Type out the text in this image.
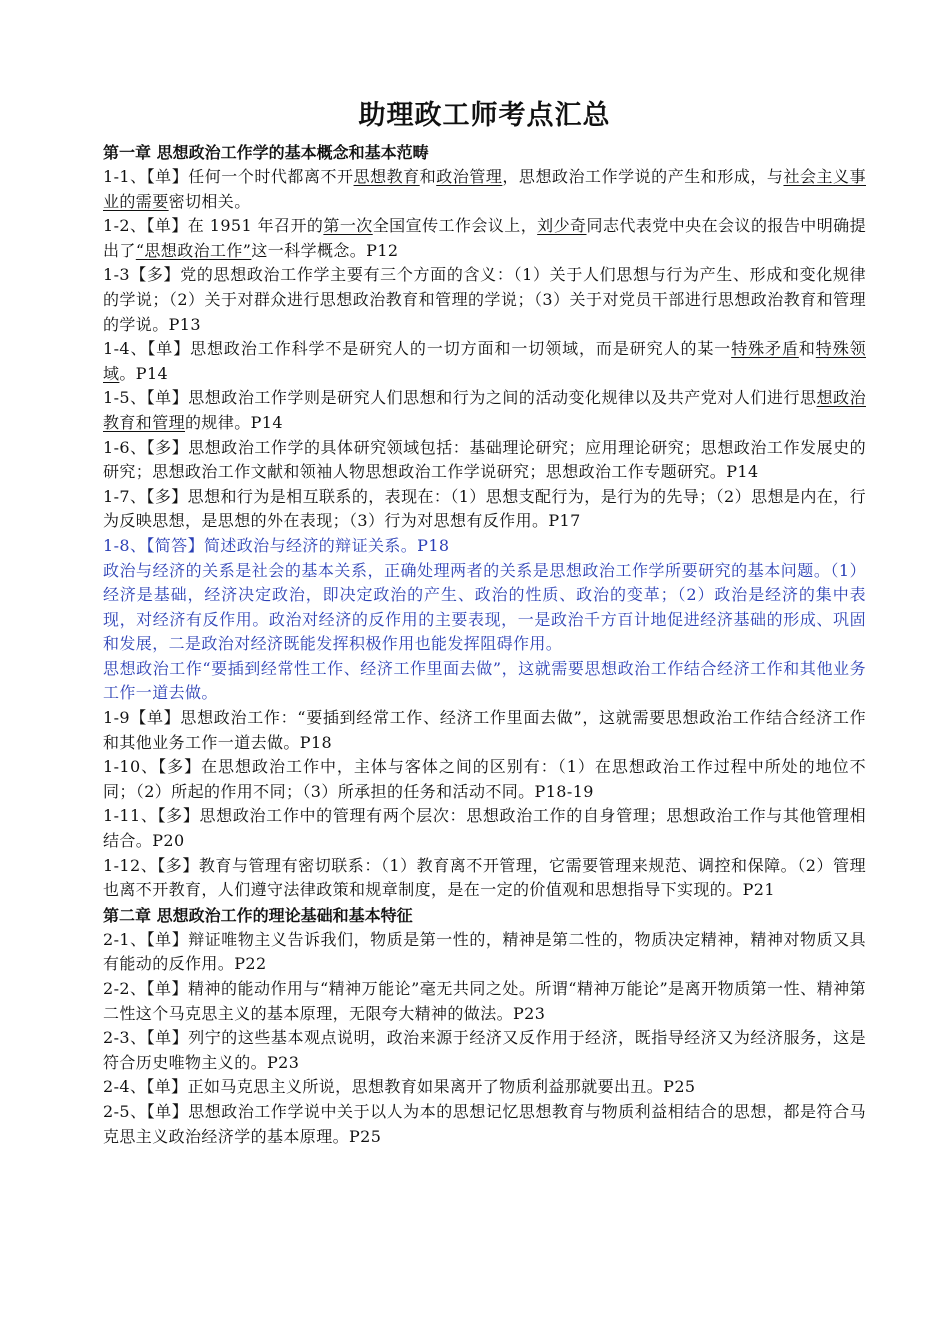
助理政工师考点汇总
第一章 思想政治工作学的基本概念和基本范畴
1-1、【单】任何一个时代都离不开思想教育和政治管理，思想政治工作学说的产生和形成，与社会主义事业的需要密切相关。
1-2、【单】在 1951 年召开的第一次全国宣传工作会议上，刘少奇同志代表党中央在会议的报告中明确提出了“思想政治工作”这一科学概念。P12
1-3【多】党的思想政治工作学主要有三个方面的含义：（1）关于人们思想与行为产生、形成和变化规律的学说；（2）关于对群众进行思想政治教育和管理的学说；（3）关于对党员干部进行思想政治教育和管理的学说。P13
1-4、【单】思想政治工作科学不是研究人的一切方面和一切领域，而是研究人的某一特殊矛盾和特殊领域。P14
1-5、【单】思想政治工作学则是研究人们思想和行为之间的活动变化规律以及共产党对人们进行思想政治教育和管理的规律。P14
1-6、【多】思想政治工作学的具体研究领域包括：基础理论研究；应用理论研究；思想政治工作发展史的研究；思想政治工作文献和领袖人物思想政治工作学说研究；思想政治工作专题研究。P14
1-7、【多】思想和行为是相互联系的，表现在：（1）思想支配行为，是行为的先导；（2）思想是内在，行为反映思想，是思想的外在表现；（3）行为对思想有反作用。P17
1-8、【简答】简述政治与经济的辩证关系。P18
政治与经济的关系是社会的基本关系，正确处理两者的关系是思想政治工作学所要研究的基本问题。（1）经济是基础，经济决定政治，即决定政治的产生、政治的性质、政治的变革；（2）政治是经济的集中表现，对经济有反作用。政治对经济的反作用的主要表现，一是政治千方百计地促进经济基础的形成、巩固和发展，二是政治对经济既能发挥积极作用也能发挥阻碍作用。
思想政治工作“要插到经常性工作、经济工作里面去做”，这就需要思想政治工作结合经济工作和其他业务工作一道去做。
1-9【单】思想政治工作：“要插到经常工作、经济工作里面去做”，这就需要思想政治工作结合经济工作和其他业务工作一道去做。P18
1-10、【多】在思想政治工作中，主体与客体之间的区别有：（1）在思想政治工作过程中所处的地位不同；（2）所起的作用不同；（3）所承担的任务和活动不同。P18-19
1-11、【多】思想政治工作中的管理有两个层次：思想政治工作的自身管理；思想政治工作与其他管理相结合。P20
1-12、【多】教育与管理有密切联系：（1）教育离不开管理，它需要管理来规范、调控和保障。（2）管理也离不开教育，人们遵守法律政策和规章制度，是在一定的价值观和思想指导下实现的。P21
第二章 思想政治工作的理论基础和基本特征
2-1、【单】辩证唯物主义告诉我们，物质是第一性的，精神是第二性的，物质决定精神，精神对物质又具有能动的反作用。P22
2-2、【单】精神的能动作用与“精神万能论”毫无共同之处。所谓“精神万能论”是离开物质第一性、精神第二性这个马克思主义的基本原理，无限夸大精神的做法。P23
2-3、【单】列宁的这些基本观点说明，政治来源于经济又反作用于经济，既指导经济又为经济服务，这是符合历史唯物主义的。P23
2-4、【单】正如马克思主义所说，思想教育如果离开了物质利益那就要出丑。P25
2-5、【单】思想政治工作学说中关于以人为本的思想记忆思想教育与物质利益相结合的思想，都是符合马克思主义政治经济学的基本原理。P25
